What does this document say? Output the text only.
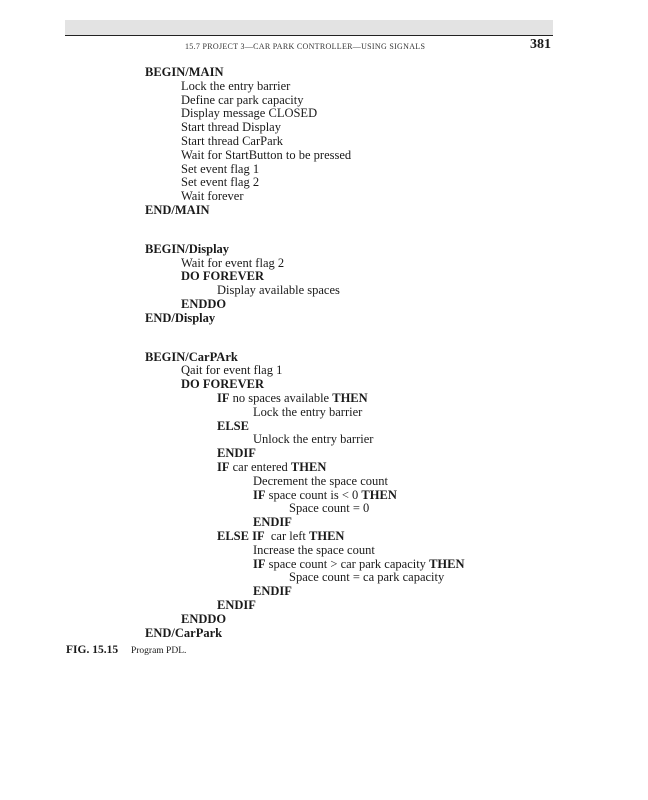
15.7 PROJECT 3—CAR PARK CONTROLLER—USING SIGNALS	381
BEGIN/MAIN
Lock the entry barrier
Define car park capacity
Display message CLOSED
Start thread Display
Start thread CarPark
Wait for StartButton to be pressed
Set event flag 1
Set event flag 2
Wait forever
END/MAIN
BEGIN/Display
Wait for event flag 2
DO FOREVER
Display available spaces
ENDDO
END/Display
BEGIN/CarPArk
Qait for event flag 1
DO FOREVER
IF no spaces available THEN
Lock the entry barrier
ELSE
Unlock the entry barrier
ENDIF
IF car entered THEN
Decrement the space count
IF space count is < 0 THEN
Space count = 0
ENDIF
ELSE IF  car left THEN
Increase the space count
IF space count > car park capacity THEN
Space count = ca park capacity
ENDIF
ENDIF
ENDDO
END/CarPark
FIG. 15.15 Program PDL.
